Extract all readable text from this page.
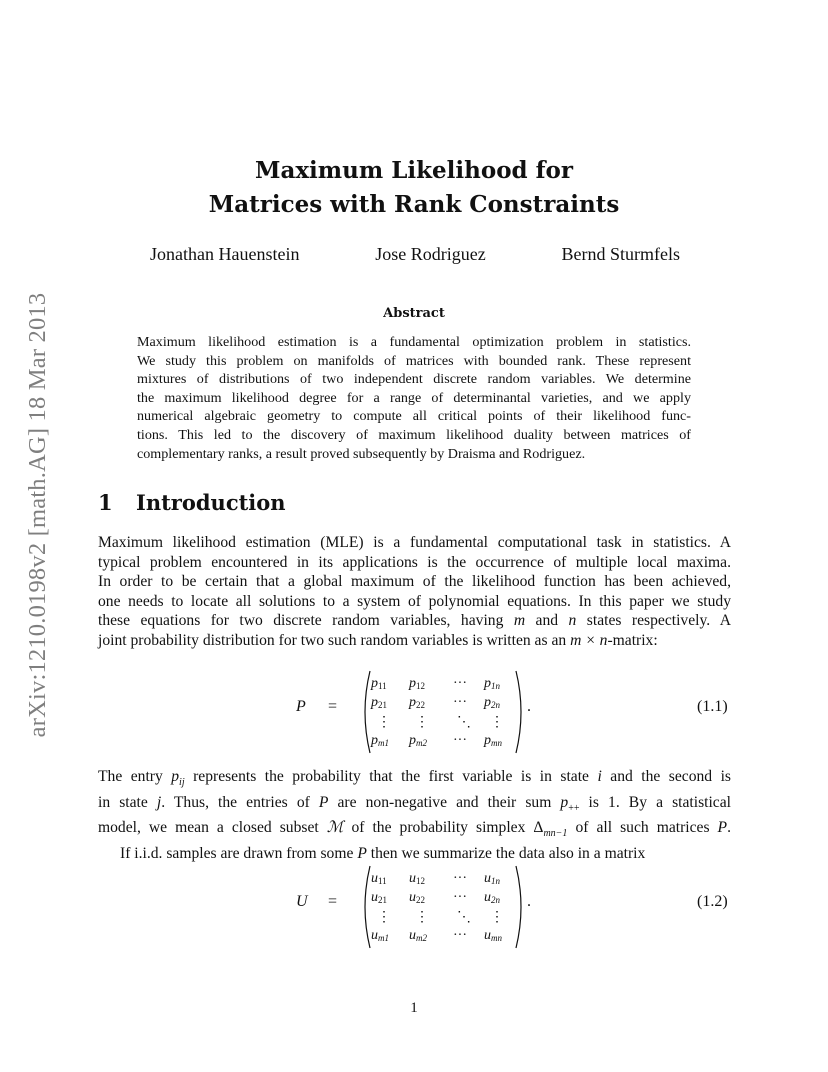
arXiv:1210.0198v2 [math.AG] 18 Mar 2013
Maximum Likelihood for
Matrices with Rank Constraints
Jonathan Hauenstein	Jose Rodriguez	Bernd Sturmfels
Abstract
Maximum likelihood estimation is a fundamental optimization problem in statistics.
We study this problem on manifolds of matrices with bounded rank. These represent
mixtures of distributions of two independent discrete random variables. We determine
the maximum likelihood degree for a range of determinantal varieties, and we apply
numerical algebraic geometry to compute all critical points of their likelihood func-
tions. This led to the discovery of maximum likelihood duality between matrices of
complementary ranks, a result proved subsequently by Draisma and Rodriguez.
1 Introduction
Maximum likelihood estimation (MLE) is a fundamental computational task in statistics. A
typical problem encountered in its applications is the occurrence of multiple local maxima.
In order to be certain that a global maximum of the likelihood function has been achieved,
one needs to locate all solutions to a system of polynomial equations. In this paper we study
these equations for two discrete random variables, having m and n states respectively. A
joint probability distribution for two such random variables is written as an m × n-matrix:
P =
$p_{11}$ $p_{12}$ ··· $p_{1n}$
$p_{21}$ $p_{22}$ ··· $p_{2n}$
⋮ ⋮ ⋱ ⋮
$p_{m1}$ $p_{m2}$ ··· $p_{mn}$
.	(1.1)
The entry $p_{ij}$ represents the probability that the first variable is in state i and the second is
in state j. Thus, the entries of P are non-negative and their sum $p_{++}$ is 1. By a statistical
model, we mean a closed subset ℳ of the probability simplex $\Delta_{mn-1}$ of all such matrices P.
If i.i.d. samples are drawn from some P then we summarize the data also in a matrix
U =
$u_{11}$ $u_{12}$ ··· $u_{1n}$
$u_{21}$ $u_{22}$ ··· $u_{2n}$
⋮ ⋮ ⋱ ⋮
$u_{m1}$ $u_{m2}$ ··· $u_{mn}$
.	(1.2)
1
